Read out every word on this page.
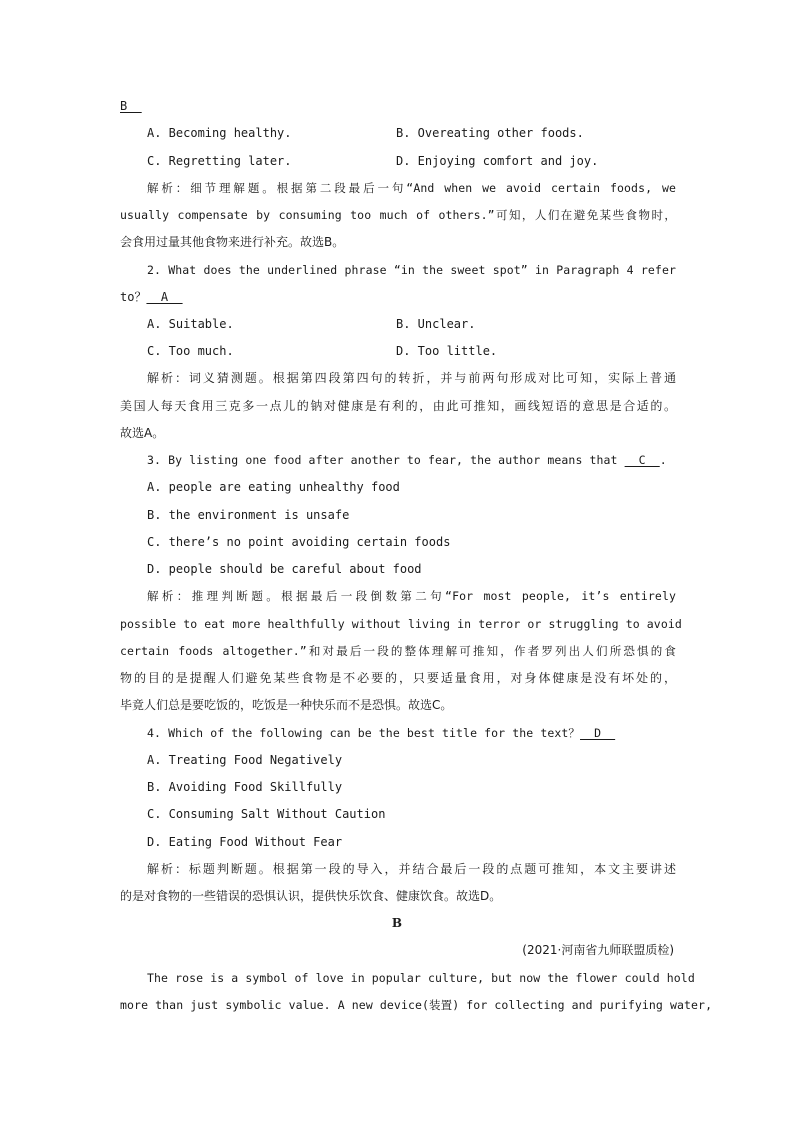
B
A. Becoming healthy.	B. Overeating other foods.
C. Regretting later.	D. Enjoying comfort and joy.
解析：细节理解题。根据第二段最后一句“And when we avoid certain foods, we
usually compensate by consuming too much of others.”可知，人们在避免某些食物时，
会食用过量其他食物来进行补充。故选B。
2. What does the underlined phrase “in the sweet spot” in Paragraph 4 refer
to？  A
A. Suitable.	B. Unclear.
C. Too much.	D. Too little.
解析：词义猜测题。根据第四段第四句的转折，并与前两句形成对比可知，实际上普通
美国人每天食用三克多一点儿的钠对健康是有利的，由此可推知，画线短语的意思是合适的。
故选A。
3. By listing one food after another to fear, the author means that   C  .
A. people are eating unhealthy food
B. the environment is unsafe
C. there’s no point avoiding certain foods
D. people should be careful about food
解析：推理判断题。根据最后一段倒数第二句“For most people, it’s entirely
possible to eat more healthfully without living in terror or struggling to avoid
certain foods altogether.”和对最后一段的整体理解可推知，作者罗列出人们所恐惧的食
物的目的是提醒人们避免某些食物是不必要的，只要适量食用，对身体健康是没有坏处的，
毕竟人们总是要吃饭的，吃饭是一种快乐而不是恐惧。故选C。
4. Which of the following can be the best title for the text？  D
A. Treating Food Negatively
B. Avoiding Food Skillfully
C. Consuming Salt Without Caution
D. Eating Food Without Fear
解析：标题判断题。根据第一段的导入，并结合最后一段的点题可推知，本文主要讲述
的是对食物的一些错误的恐惧认识，提供快乐饮食、健康饮食。故选D。
B
(2021·河南省九师联盟质检)
The rose is a symbol of love in popular culture, but now the flower could hold
more than just symbolic value. A new device(装置) for collecting and purifying water,
